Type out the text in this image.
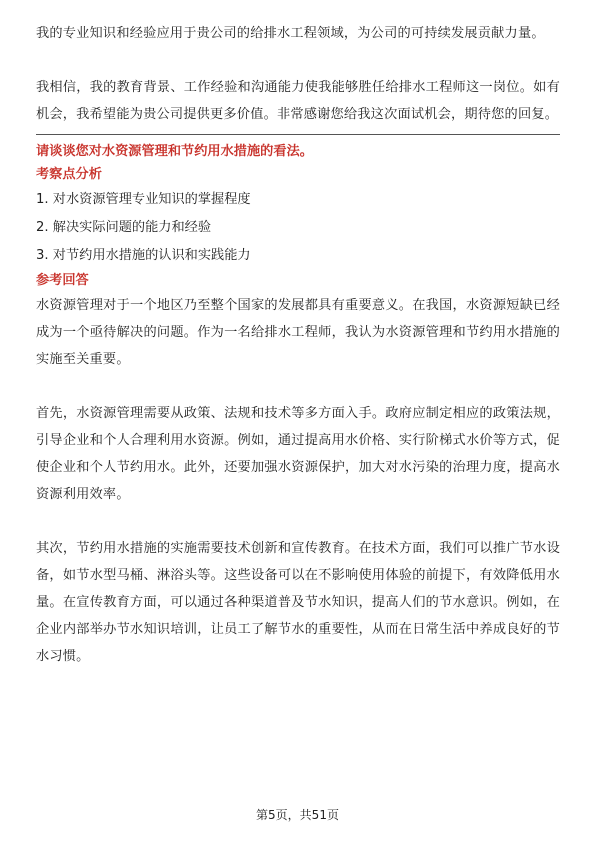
我的专业知识和经验应用于贵公司的给排水工程领域，为公司的可持续发展贡献力量。

我相信，我的教育背景、工作经验和沟通能力使我能够胜任给排水工程师这一岗位。如有机会，我希望能为贵公司提供更多价值。非常感谢您给我这次面试机会，期待您的回复。

请谈谈您对水资源管理和节约用水措施的看法。

考察点分析

1. 对水资源管理专业知识的掌握程度
2. 解决实际问题的能力和经验
3. 对节约用水措施的认识和实践能力

参考回答

水资源管理对于一个地区乃至整个国家的发展都具有重要意义。在我国，水资源短缺已经成为一个亟待解决的问题。作为一名给排水工程师，我认为水资源管理和节约用水措施的实施至关重要。

首先，水资源管理需要从政策、法规和技术等多方面入手。政府应制定相应的政策法规，引导企业和个人合理利用水资源。例如，通过提高用水价格、实行阶梯式水价等方式，促使企业和个人节约用水。此外，还要加强水资源保护，加大对水污染的治理力度，提高水资源利用效率。

其次，节约用水措施的实施需要技术创新和宣传教育。在技术方面，我们可以推广节水设备，如节水型马桶、淋浴头等。这些设备可以在不影响使用体验的前提下，有效降低用水量。在宣传教育方面，可以通过各种渠道普及节水知识，提高人们的节水意识。例如，在企业内部举办节水知识培训，让员工了解节水的重要性，从而在日常生活中养成良好的节水习惯。

第5页，共51页
